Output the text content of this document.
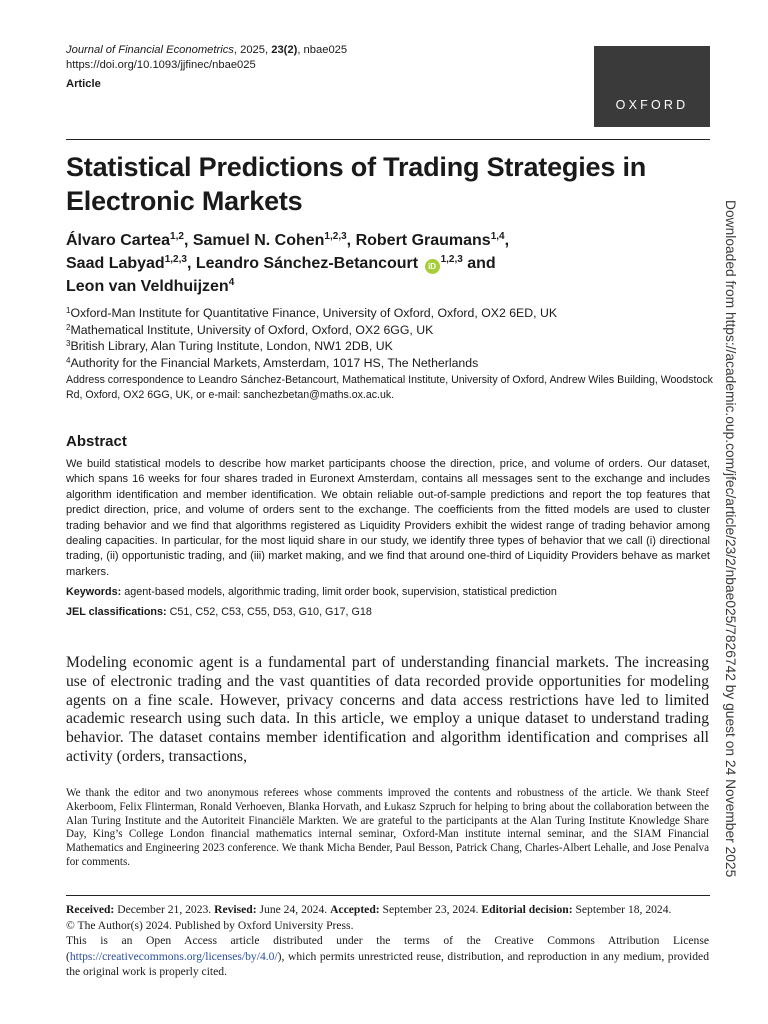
Journal of Financial Econometrics, 2025, 23(2), nbae025
https://doi.org/10.1093/jjfinec/nbae025
Article
OXFORD
Statistical Predictions of Trading Strategies in Electronic Markets
Álvaro Cartea$^{1,2}$, Samuel N. Cohen$^{1,2,3}$, Robert Graumans$^{1,4}$,
Saad Labyad$^{1,2,3}$, Leandro Sánchez-Betancourt iD$^{1,2,3}$ and
Leon van Veldhuijzen$^4$
$^1$Oxford-Man Institute for Quantitative Finance, University of Oxford, Oxford, OX2 6ED, UK
$^2$Mathematical Institute, University of Oxford, Oxford, OX2 6GG, UK
$^3$British Library, Alan Turing Institute, London, NW1 2DB, UK
$^4$Authority for the Financial Markets, Amsterdam, 1017 HS, The Netherlands
Address correspondence to Leandro Sánchez-Betancourt, Mathematical Institute, University of Oxford, Andrew Wiles Building, Woodstock Rd, Oxford, OX2 6GG, UK, or e-mail: sanchezbetan@maths.ox.ac.uk.
Abstract
We build statistical models to describe how market participants choose the direction, price, and volume of orders. Our dataset, which spans 16 weeks for four shares traded in Euronext Amsterdam, contains all messages sent to the exchange and includes algorithm identification and member identification. We obtain reliable out-of-sample predictions and report the top features that predict direction, price, and volume of orders sent to the exchange. The coefficients from the fitted models are used to cluster trading behavior and we find that algorithms registered as Liquidity Providers exhibit the widest range of trading behavior among dealing capacities. In particular, for the most liquid share in our study, we identify three types of behavior that we call (i) directional trading, (ii) opportunistic trading, and (iii) market making, and we find that around one-third of Liquidity Providers behave as market markers.
Keywords: agent-based models, algorithmic trading, limit order book, supervision, statistical prediction
JEL classifications: C51, C52, C53, C55, D53, G10, G17, G18
Modeling economic agent is a fundamental part of understanding financial markets. The increasing use of electronic trading and the vast quantities of data recorded provide opportunities for modeling agents on a fine scale. However, privacy concerns and data access restrictions have led to limited academic research using such data. In this article, we employ a unique dataset to understand trading behavior. The dataset contains member identification and algorithm identification and comprises all activity (orders, transactions,
We thank the editor and two anonymous referees whose comments improved the contents and robustness of the article. We thank Steef Akerboom, Felix Flinterman, Ronald Verhoeven, Blanka Horvath, and Łukasz Szpruch for helping to bring about the collaboration between the Alan Turing Institute and the Autoriteit Financiële Markten. We are grateful to the participants at the Alan Turing Institute Knowledge Share Day, King’s College London financial mathematics internal seminar, Oxford-Man institute internal seminar, and the SIAM Financial Mathematics and Engineering 2023 conference. We thank Micha Bender, Paul Besson, Patrick Chang, Charles-Albert Lehalle, and Jose Penalva for comments.
Received: December 21, 2023. Revised: June 24, 2024. Accepted: September 23, 2024. Editorial decision: September 18, 2024.
© The Author(s) 2024. Published by Oxford University Press.
This is an Open Access article distributed under the terms of the Creative Commons Attribution License (https://creativecommons.org/licenses/by/4.0/), which permits unrestricted reuse, distribution, and reproduction in any medium, provided the original work is properly cited.
Downloaded from https://academic.oup.com/jfec/article/23/2/nbae025/7826742 by guest on 24 November 2025
